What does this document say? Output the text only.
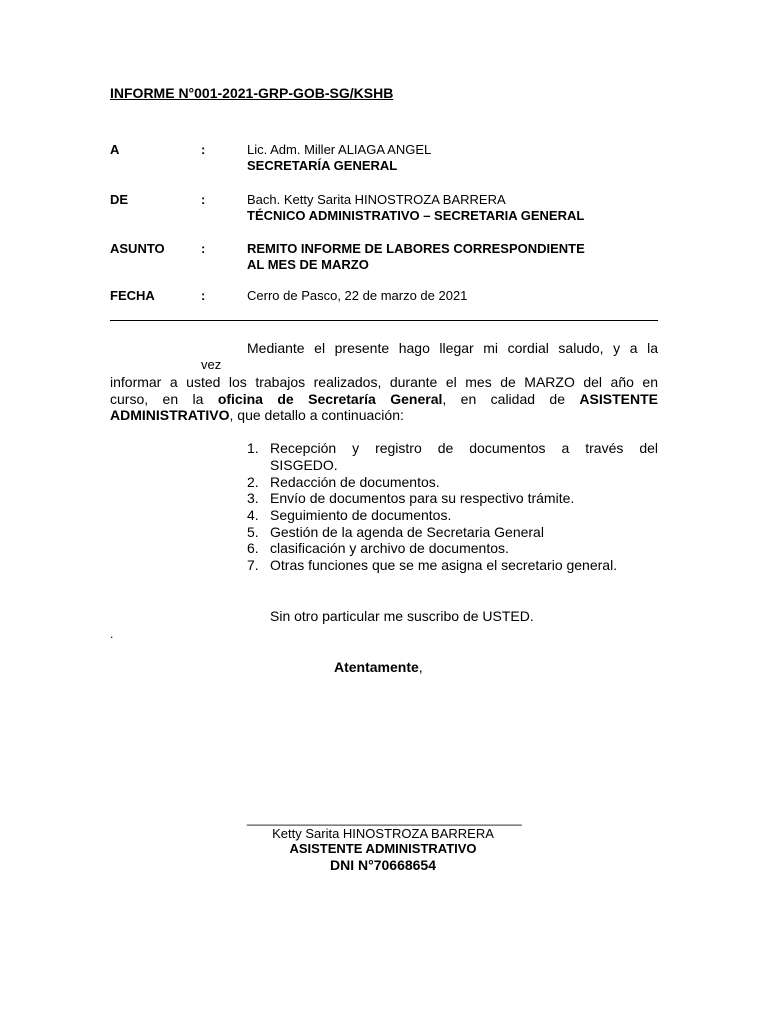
INFORME N°001-2021-GRP-GOB-SG/KSHB
A	:	Lic. Adm. Miller ALIAGA ANGEL
SECRETARÍA GENERAL
DE	:	Bach. Ketty Sarita HINOSTROZA BARRERA
TÉCNICO ADMINISTRATIVO – SECRETARIA GENERAL
ASUNTO	:	REMITO INFORME DE LABORES CORRESPONDIENTE
AL MES DE MARZO
FECHA	:	Cerro de Pasco, 22 de marzo de 2021
Mediante el presente hago llegar mi cordial saludo, y a la
vez
informar a usted los trabajos realizados, durante el mes de MARZO del año en
curso, en la oficina de Secretaría General, en calidad de ASISTENTE
ADMINISTRATIVO, que detallo a continuación:
1. Recepción y registro de documentos a través del
SISGEDO.
2. Redacción de documentos.
3. Envío de documentos para su respectivo trámite.
4. Seguimiento de documentos.
5. Gestión de la agenda de Secretaria General
6. clasificación y archivo de documentos.
7. Otras funciones que se me asigna el secretario general.
Sin otro particular me suscribo de USTED.
.
Atentamente,
______________________________________
Ketty Sarita HINOSTROZA BARRERA
ASISTENTE ADMINISTRATIVO
DNI N°70668654
